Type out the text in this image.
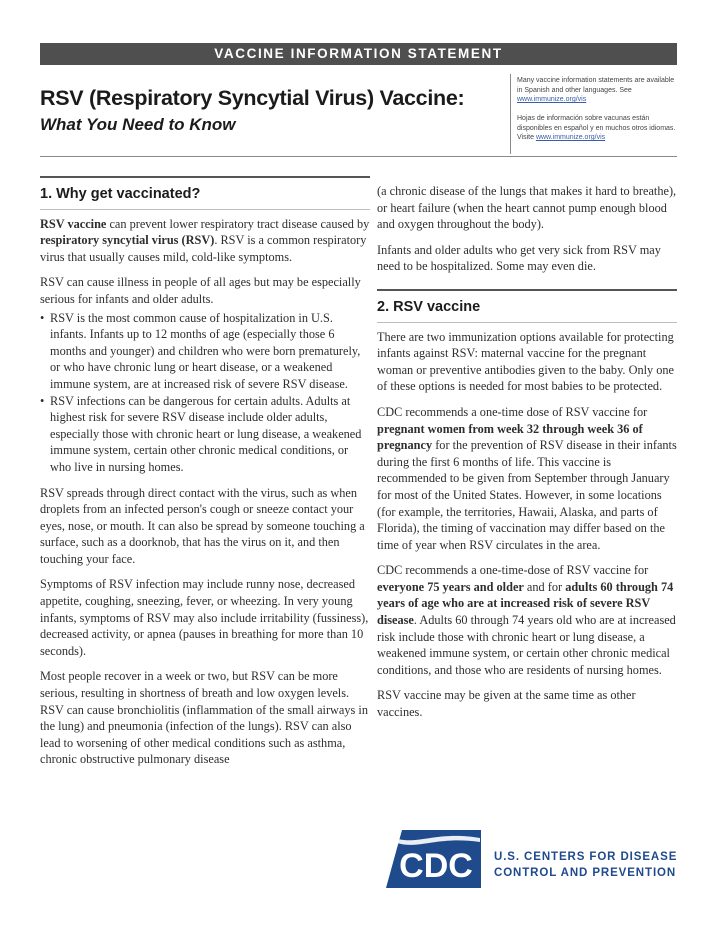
VACCINE INFORMATION STATEMENT
RSV (Respiratory Syncytial Virus) Vaccine:
What You Need to Know
Many vaccine information statements are available in Spanish and other languages. See www.immunize.org/vis
Hojas de información sobre vacunas están disponibles en español y en muchos otros idiomas. Visite www.immunize.org/vis
1. Why get vaccinated?

RSV vaccine can prevent lower respiratory tract disease caused by respiratory syncytial virus (RSV). RSV is a common respiratory virus that usually causes mild, cold-like symptoms.

RSV can cause illness in people of all ages but may be especially serious for infants and older adults.

• RSV is the most common cause of hospitalization in U.S. infants. Infants up to 12 months of age (especially those 6 months and younger) and children who were born prematurely, or who have chronic lung or heart disease, or a weakened immune system, are at increased risk of severe RSV disease.
• RSV infections can be dangerous for certain adults. Adults at highest risk for severe RSV disease include older adults, especially those with chronic heart or lung disease, a weakened immune system, certain other chronic medical conditions, or who live in nursing homes.

RSV spreads through direct contact with the virus, such as when droplets from an infected person's cough or sneeze contact your eyes, nose, or mouth. It can also be spread by someone touching a surface, such as a doorknob, that has the virus on it, and then touching your face.

Symptoms of RSV infection may include runny nose, decreased appetite, coughing, sneezing, fever, or wheezing. In very young infants, symptoms of RSV may also include irritability (fussiness), decreased activity, or apnea (pauses in breathing for more than 10 seconds).

Most people recover in a week or two, but RSV can be more serious, resulting in shortness of breath and low oxygen levels. RSV can cause bronchiolitis (inflammation of the small airways in the lung) and pneumonia (infection of the lungs). RSV can also lead to worsening of other medical conditions such as asthma, chronic obstructive pulmonary disease

(a chronic disease of the lungs that makes it hard to breathe), or heart failure (when the heart cannot pump enough blood and oxygen throughout the body).

Infants and older adults who get very sick from RSV may need to be hospitalized. Some may even die.

2. RSV vaccine

There are two immunization options available for protecting infants against RSV: maternal vaccine for the pregnant woman or preventive antibodies given to the baby. Only one of these options is needed for most babies to be protected.

CDC recommends a one-time dose of RSV vaccine for pregnant women from week 32 through week 36 of pregnancy for the prevention of RSV disease in their infants during the first 6 months of life. This vaccine is recommended to be given from September through January for most of the United States. However, in some locations (for example, the territories, Hawaii, Alaska, and parts of Florida), the timing of vaccination may differ based on the time of year when RSV circulates in the area.

CDC recommends a one-time-dose of RSV vaccine for everyone 75 years and older and for adults 60 through 74 years of age who are at increased risk of severe RSV disease. Adults 60 through 74 years old who are at increased risk include those with chronic heart or lung disease, a weakened immune system, or certain other chronic medical conditions, and those who are residents of nursing homes.

RSV vaccine may be given at the same time as other vaccines.

CDC U.S. CENTERS FOR DISEASE
CONTROL AND PREVENTION
